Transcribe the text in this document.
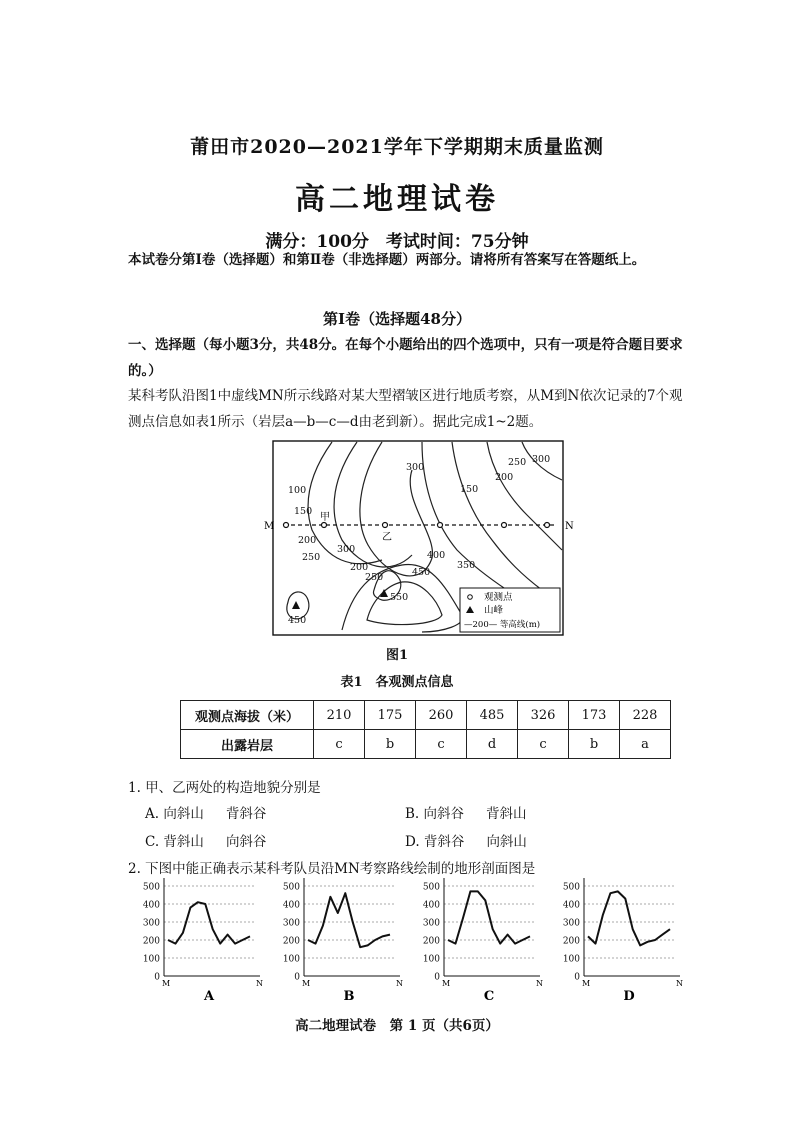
莆田市2020—2021学年下学期期末质量监测
高二地理试卷
满分：100分　考试时间：75分钟
本试卷分第Ⅰ卷（选择题）和第Ⅱ卷（非选择题）两部分。请将所有答案写在答题纸上。
第Ⅰ卷（选择题48分）
一、选择题（每小题3分，共48分。在每个小题给出的四个选项中，只有一项是符合题目要求的。）
某科考队沿图1中虚线MN所示线路对某大型褶皱区进行地质考察，从M到N依次记录的7个观测点信息如表1所示（岩层a—b—c—d由老到新）。据此完成1~2题。
M	N
甲
乙
100
150
200
250
300
200
250
300
150
200
250 300
350
400
450
550
450
观测点
山峰
—200— 等高线(m)
图1
表1　各观测点信息
观测点海拔（米）	210	175	260	485	326	173	228
出露岩层	c	b	c	d	c	b	a
1. 甲、乙两处的构造地貌分别是
A. 向斜山 背斜谷	B. 向斜谷 背斜山
C. 背斜山 向斜谷	D. 背斜谷 向斜山
2. 下图中能正确表示某科考队员沿MN考察路线绘制的地形剖面图是
500
400
300
200
100
0
M	N
A
500
400
300
200
100
0
M	N
B
500
400
300
200
100
0
M	N
C
500
400
300
200
100
0
M	N
D
高二地理试卷　第 1 页（共6页）
